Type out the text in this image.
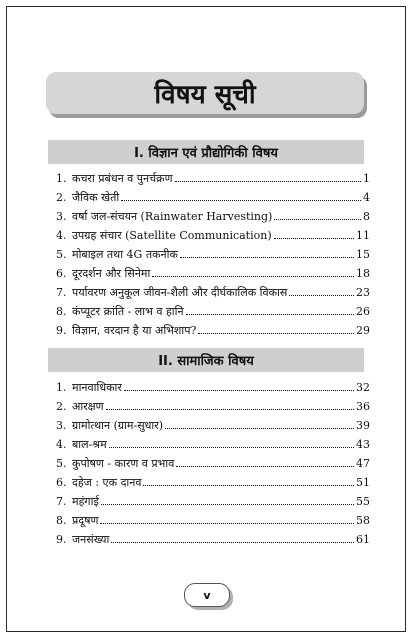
विषय सूची
I. विज्ञान एवं प्रौद्योगिकी विषय
1. कचरा प्रबंधन व पुनर्चक्रण	1
2. जैविक खेती	4
3. वर्षा जल-संचयन (Rainwater Harvesting)	8
4. उपग्रह संचार (Satellite Communication)	11
5. मोबाइल तथा 4G तकनीक	15
6. दूरदर्शन और सिनेमा	18
7. पर्यावरण अनुकूल जीवन-शैली और दीर्घकालिक विकास	23
8. कंप्यूटर क्रांति - लाभ व हानि	26
9. विज्ञान, वरदान है या अभिशाप?	29
II. सामाजिक विषय
1. मानवाधिकार	32
2. आरक्षण	36
3. ग्रामोत्थान (ग्राम-सुधार)	39
4. बाल-श्रम	43
5. कुपोषण - कारण व प्रभाव	47
6. दहेज : एक दानव	51
7. महंगाई	55
8. प्रदूषण	58
9. जनसंख्या	61
v
